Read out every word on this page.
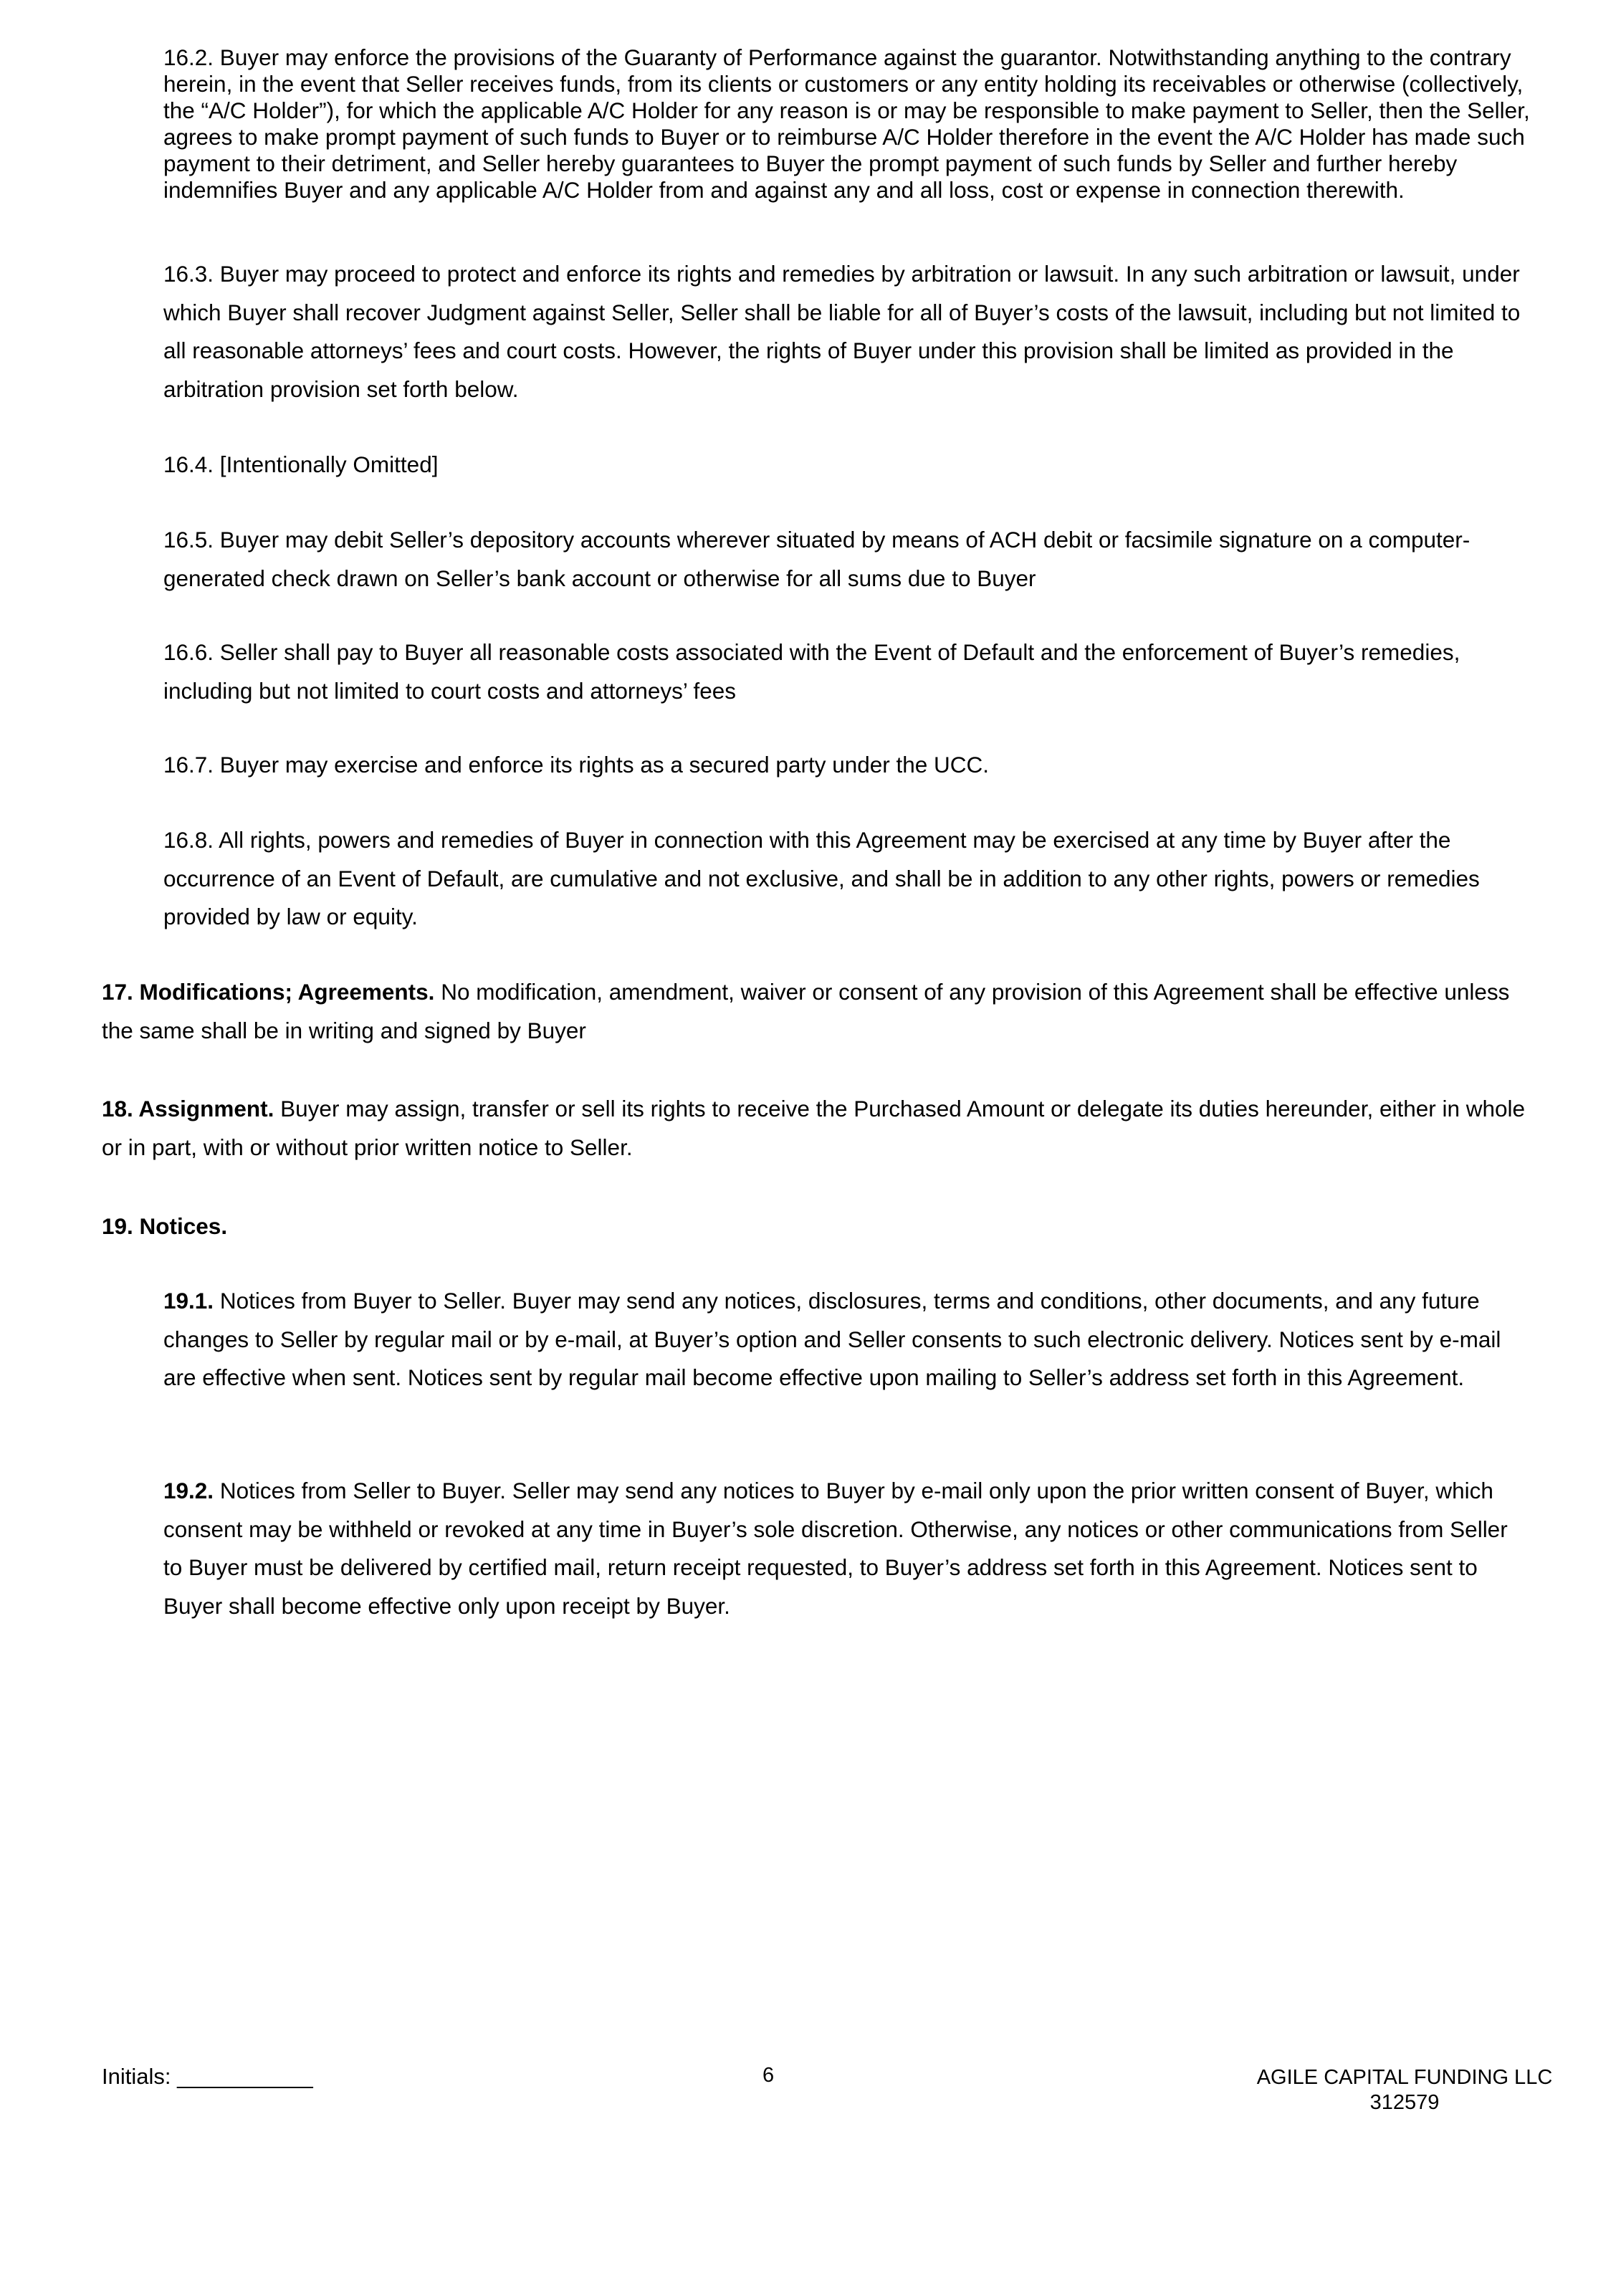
16.2. Buyer may enforce the provisions of the Guaranty of Performance against the guarantor. Notwithstanding anything to the contrary herein, in the event that Seller receives funds, from its clients or customers or any entity holding its receivables or otherwise (collectively, the “A/C Holder”), for which the applicable A/C Holder for any reason is or may be responsible to make payment to Seller, then the Seller, agrees to make prompt payment of such funds to Buyer or to reimburse A/C Holder therefore in the event the A/C Holder has made such payment to their detriment, and Seller hereby guarantees to Buyer the prompt payment of such funds by Seller and further hereby indemnifies Buyer and any applicable A/C Holder from and against any and all loss, cost or expense in connection therewith.

16.3. Buyer may proceed to protect and enforce its rights and remedies by arbitration or lawsuit. In any such arbitration or lawsuit, under which Buyer shall recover Judgment against Seller, Seller shall be liable for all of Buyer’s costs of the lawsuit, including but not limited to all reasonable attorneys’ fees and court costs. However, the rights of Buyer under this provision shall be limited as provided in the arbitration provision set forth below.

16.4. [Intentionally Omitted]

16.5. Buyer may debit Seller’s depository accounts wherever situated by means of ACH debit or facsimile signature on a computer-generated check drawn on Seller’s bank account or otherwise for all sums due to Buyer

16.6. Seller shall pay to Buyer all reasonable costs associated with the Event of Default and the enforcement of Buyer’s remedies, including but not limited to court costs and attorneys’ fees

16.7. Buyer may exercise and enforce its rights as a secured party under the UCC.

16.8. All rights, powers and remedies of Buyer in connection with this Agreement may be exercised at any time by Buyer after the occurrence of an Event of Default, are cumulative and not exclusive, and shall be in addition to any other rights, powers or remedies provided by law or equity.

17. Modifications; Agreements. No modification, amendment, waiver or consent of any provision of this Agreement shall be effective unless the same shall be in writing and signed by Buyer

18. Assignment. Buyer may assign, transfer or sell its rights to receive the Purchased Amount or delegate its duties hereunder, either in whole or in part, with or without prior written notice to Seller.

19. Notices.

19.1. Notices from Buyer to Seller. Buyer may send any notices, disclosures, terms and conditions, other documents, and any future changes to Seller by regular mail or by e-mail, at Buyer’s option and Seller consents to such electronic delivery. Notices sent by e-mail are effective when sent. Notices sent by regular mail become effective upon mailing to Seller’s address set forth in this Agreement.

19.2. Notices from Seller to Buyer. Seller may send any notices to Buyer by e-mail only upon the prior written consent of Buyer, which consent may be withheld or revoked at any time in Buyer’s sole discretion. Otherwise, any notices or other communications from Seller to Buyer must be delivered by certified mail, return receipt requested, to Buyer’s address set forth in this Agreement. Notices sent to Buyer shall become effective only upon receipt by Buyer.

Initials: ___________	6	AGILE CAPITAL FUNDING LLC
312579
